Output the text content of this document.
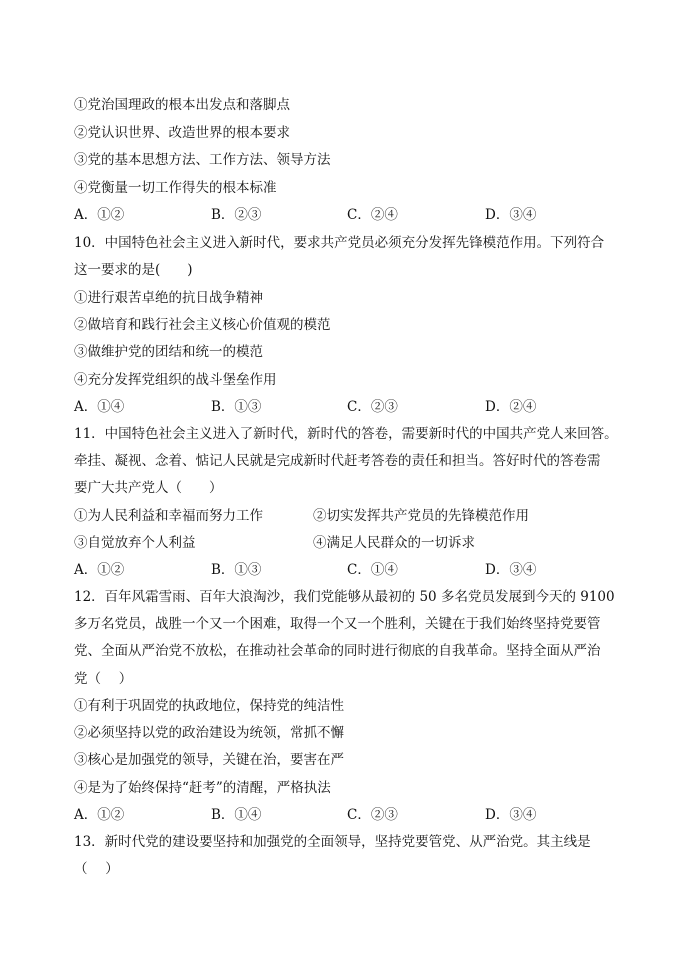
①党治国理政的根本出发点和落脚点
②党认识世界、改造世界的根本要求
③党的基本思想方法、工作方法、领导方法
④党衡量一切工作得失的根本标准
A．①②	B．②③	C．②④	D．③④
10．中国特色社会主义进入新时代，要求共产党员必须充分发挥先锋模范作用。下列符合
这一要求的是(　　)
①进行艰苦卓绝的抗日战争精神
②做培育和践行社会主义核心价值观的模范
③做维护党的团结和统一的模范
④充分发挥党组织的战斗堡垒作用
A．①④	B．①③	C．②③	D．②④
11．中国特色社会主义进入了新时代，新时代的答卷，需要新时代的中国共产党人来回答。
牵挂、凝视、念着、惦记人民就是完成新时代赶考答卷的责任和担当。答好时代的答卷需
要广大共产党人（　　）
①为人民利益和幸福而努力工作	②切实发挥共产党员的先锋模范作用
③自觉放弃个人利益	④满足人民群众的一切诉求
A．①②	B．①③	C．①④	D．③④
12．百年风霜雪雨、百年大浪淘沙，我们党能够从最初的 50 多名党员发展到今天的 9100
多万名党员，战胜一个又一个困难，取得一个又一个胜利，关键在于我们始终坚持党要管
党、全面从严治党不放松，在推动社会革命的同时进行彻底的自我革命。坚持全面从严治
党（　 ）
①有利于巩固党的执政地位，保持党的纯洁性
②必须坚持以党的政治建设为统领，常抓不懈
③核心是加强党的领导，关键在治，要害在严
④是为了始终保持“赶考”的清醒，严格执法
A．①②	B．①④	C．②③	D．③④
13．新时代党的建设要坚持和加强党的全面领导，坚持党要管党、从严治党。其主线是
（　 ）
